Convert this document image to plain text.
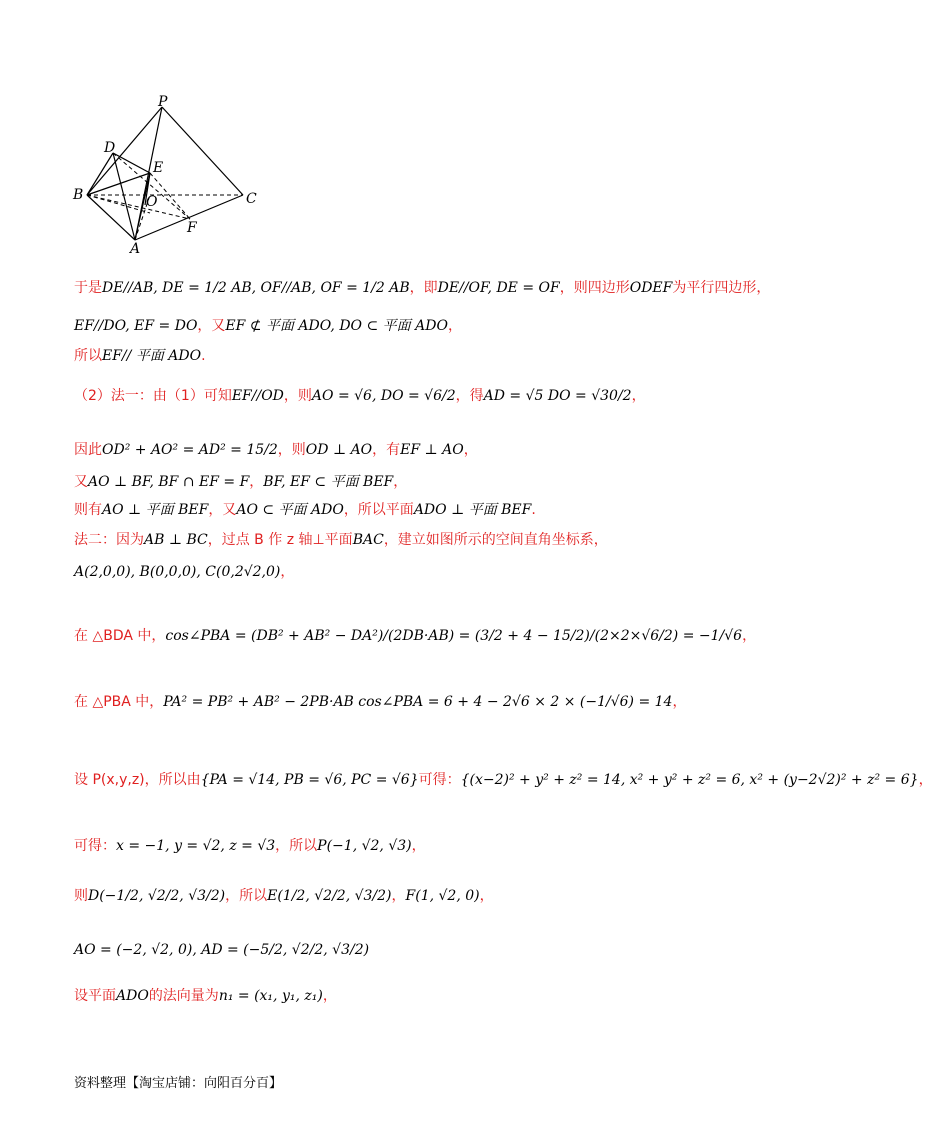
P
D
E
B	O	C
F
A
于是DE//AB, DE = 1/2 AB, OF//AB, OF = 1/2 AB，即DE//OF, DE = OF，则四边形ODEF为平行四边形，
EF//DO, EF = DO，又EF ⊄ 平面 ADO, DO ⊂ 平面 ADO，
所以EF// 平面 ADO.
（2）法一：由（1）可知EF//OD，则AO = √6, DO = √6/2，得AD = √5 DO = √30/2，
因此OD² + AO² = AD² = 15/2，则OD ⊥ AO，有EF ⊥ AO，
又AO ⊥ BF, BF ∩ EF = F，BF, EF ⊂ 平面 BEF，
则有AO ⊥ 平面 BEF，又AO ⊂ 平面 ADO，所以平面ADO ⊥ 平面 BEF.
法二：因为AB ⊥ BC，过点 B 作 z 轴⊥平面BAC，建立如图所示的空间直角坐标系，
A(2,0,0), B(0,0,0), C(0,2√2,0)，
在 △BDA 中，cos∠PBA = (DB² + AB² − DA²)/(2DB·AB) = (3/2 + 4 − 15/2)/(2×2×√6/2) = −1/√6，
在 △PBA 中，PA² = PB² + AB² − 2PB·AB cos∠PBA = 6 + 4 − 2√6 × 2 × (−1/√6) = 14，
设 P(x,y,z)，所以由{PA = √14, PB = √6, PC = √6}可得：{(x−2)² + y² + z² = 14, x² + y² + z² = 6, x² + (y−2√2)² + z² = 6}，
可得：x = −1, y = √2, z = √3，所以P(−1, √2, √3)，
则D(−1/2, √2/2, √3/2)，所以E(1/2, √2/2, √3/2)，F(1, √2, 0)，
AO = (−2, √2, 0), AD = (−5/2, √2/2, √3/2)
设平面ADO的法向量为n₁ = (x₁, y₁, z₁)，
资料整理【淘宝店铺：向阳百分百】
